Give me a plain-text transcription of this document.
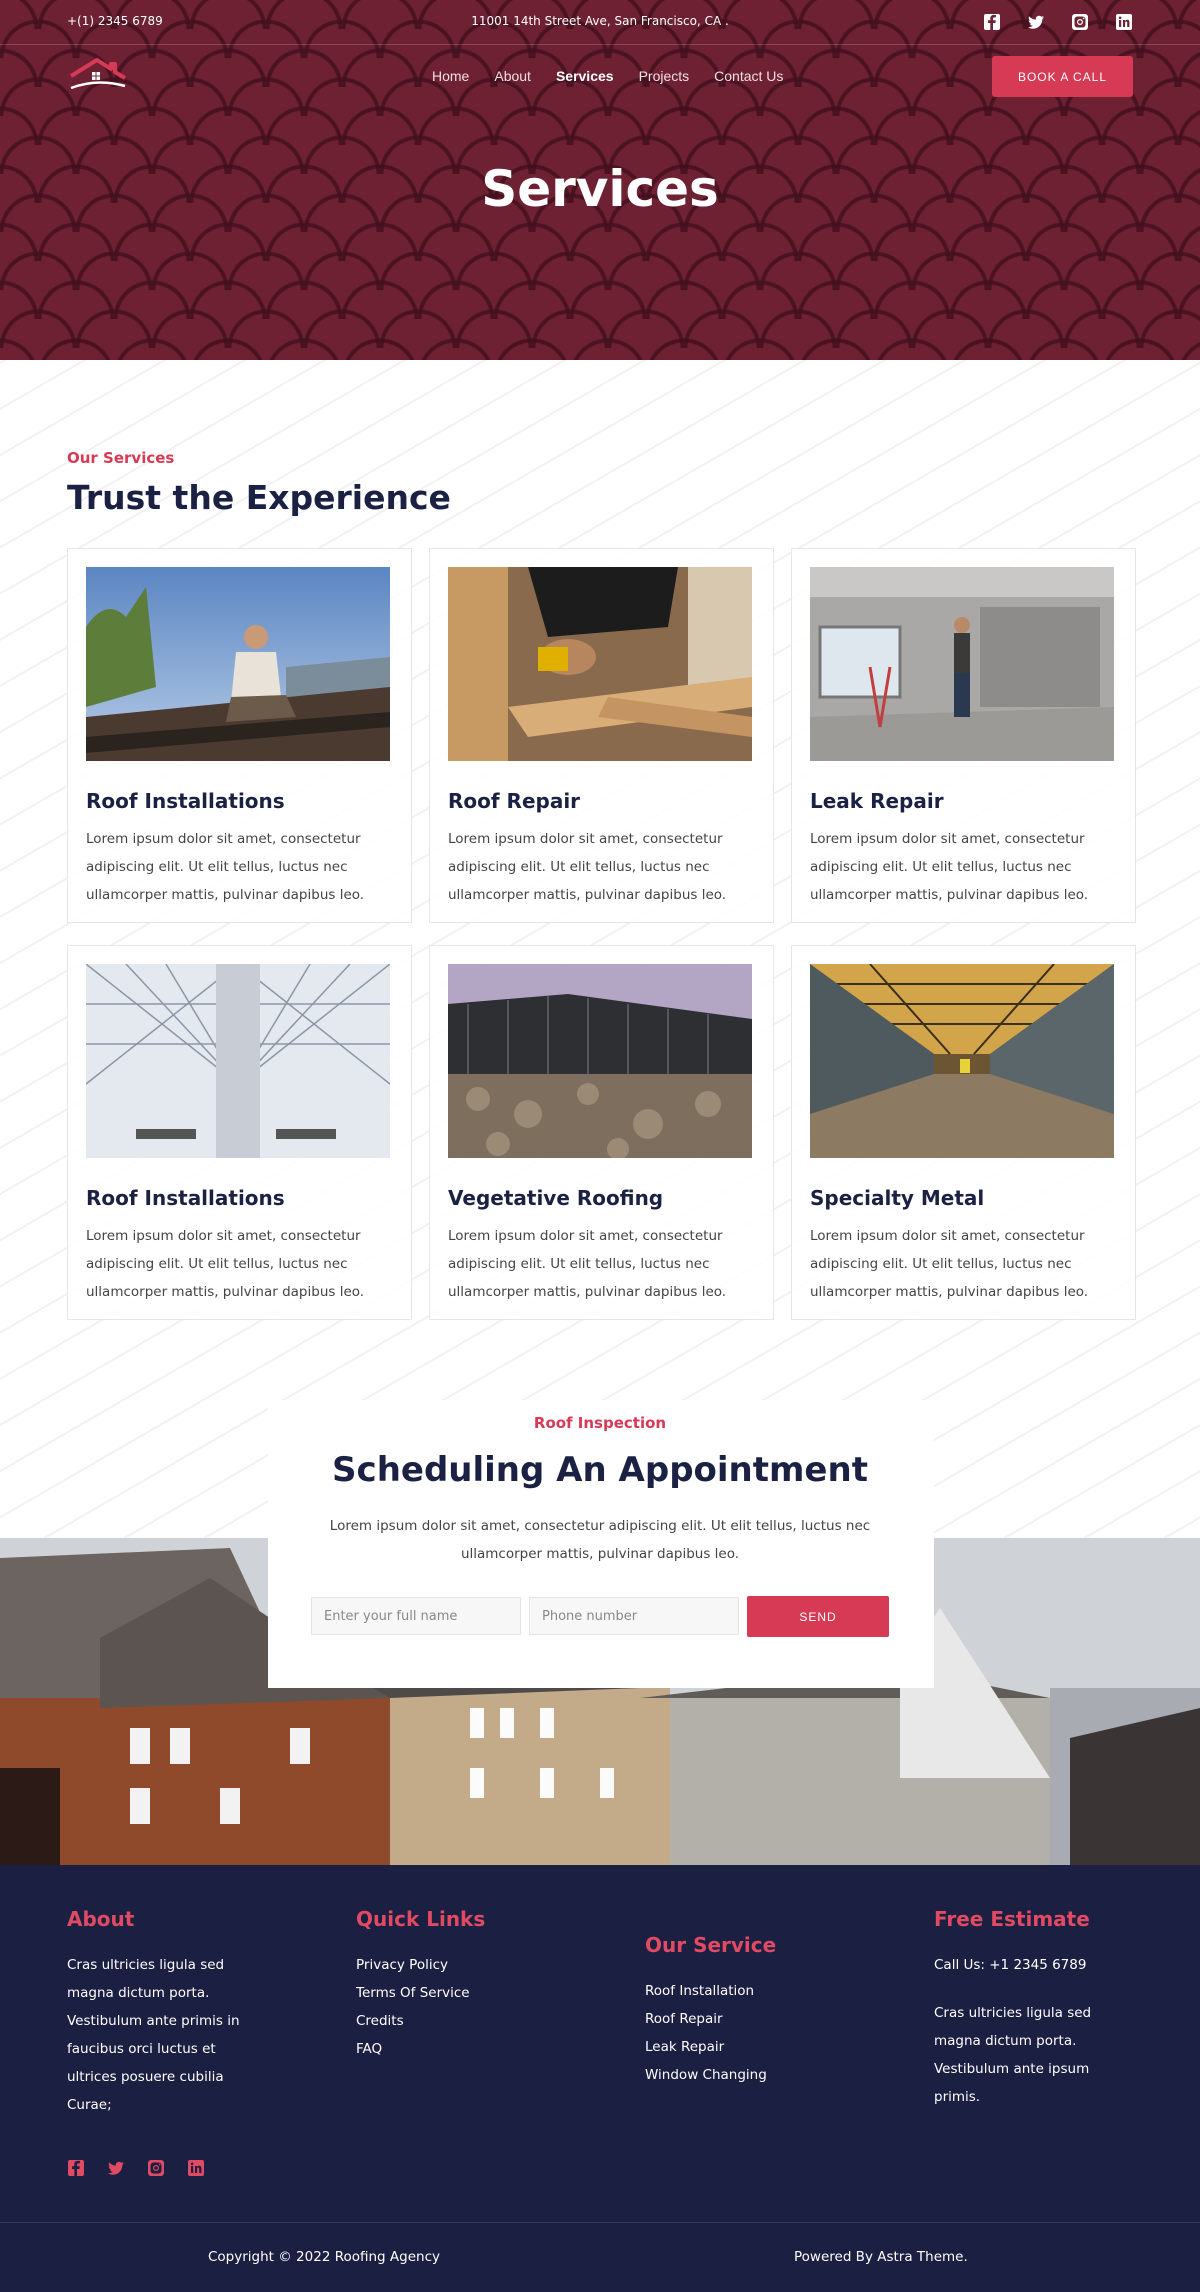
+(1) 2345 6789	11001 14th Street Ave, San Francisco, CA .
Home About Services Projects Contact Us	BOOK A CALL
Services
Our Services
Trust the Experience
Roof Installations

Lorem ipsum dolor sit amet, consectetur adipiscing elit. Ut elit tellus, luctus nec ullamcorper mattis, pulvinar dapibus leo.

Roof Repair

Lorem ipsum dolor sit amet, consectetur adipiscing elit. Ut elit tellus, luctus nec ullamcorper mattis, pulvinar dapibus leo.

Leak Repair

Lorem ipsum dolor sit amet, consectetur adipiscing elit. Ut elit tellus, luctus nec ullamcorper mattis, pulvinar dapibus leo.

Roof Installations

Lorem ipsum dolor sit amet, consectetur adipiscing elit. Ut elit tellus, luctus nec ullamcorper mattis, pulvinar dapibus leo.

Vegetative Roofing

Lorem ipsum dolor sit amet, consectetur adipiscing elit. Ut elit tellus, luctus nec ullamcorper mattis, pulvinar dapibus leo.

Specialty Metal

Lorem ipsum dolor sit amet, consectetur adipiscing elit. Ut elit tellus, luctus nec ullamcorper mattis, pulvinar dapibus leo.

Roof Inspection
Scheduling An Appointment

Lorem ipsum dolor sit amet, consectetur adipiscing elit. Ut elit tellus, luctus nec ullamcorper mattis, pulvinar dapibus leo.

Enter your full name	Phone number	SEND
About

Cras ultricies ligula sed magna dictum porta. Vestibulum ante primis in faucibus orci luctus et ultrices posuere cubilia Curae;

Quick Links
Privacy Policy
Terms Of Service
Credits
FAQ
Our Service
Roof Installation
Roof Repair
Leak Repair
Window Changing
Free Estimate

Call Us: +1 2345 6789

Cras ultricies ligula sed magna dictum porta. Vestibulum ante ipsum primis.

Copyright © 2022 Roofing Agency	Powered By Astra Theme.
